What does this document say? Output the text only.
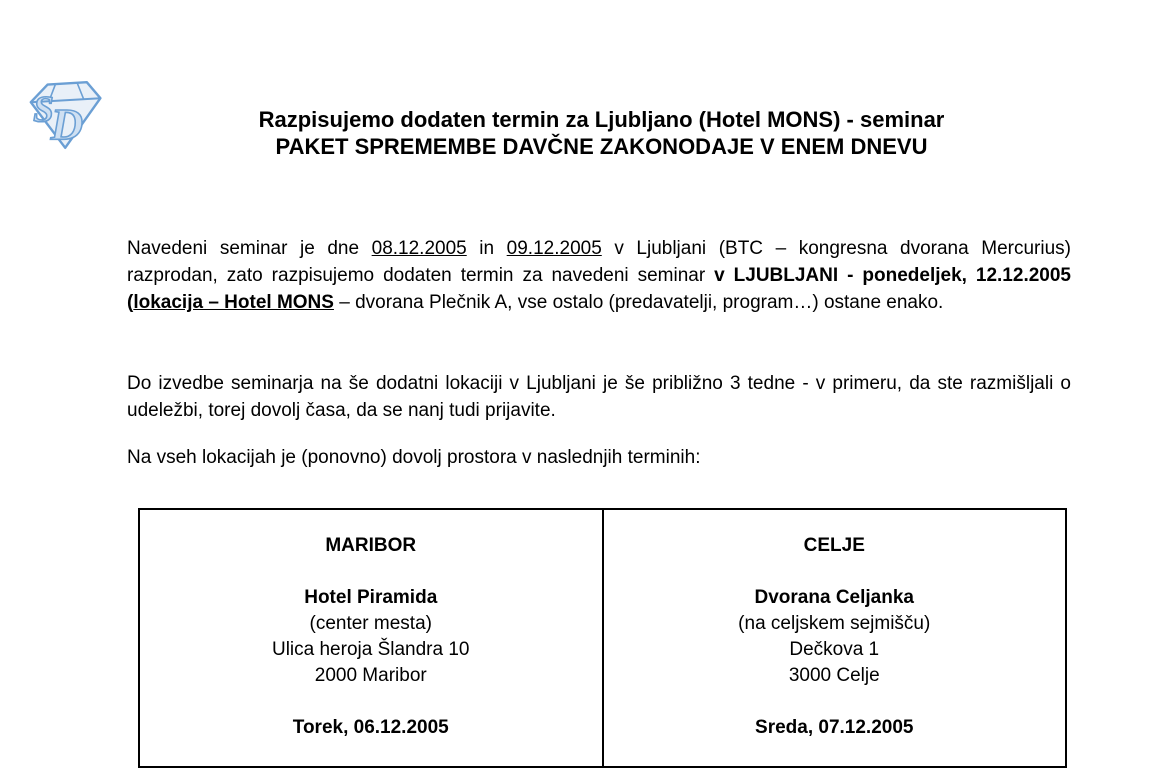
S
D	Razpisujemo dodaten termin za Ljubljano (Hotel MONS) - seminar
PAKET SPREMEMBE DAVČNE ZAKONODAJE V ENEM DNEVU

Navedeni seminar je dne 08.12.2005 in 09.12.2005 v Ljubljani (BTC – kongresna dvorana Mercurius) razprodan, zato razpisujemo dodaten termin za navedeni seminar v LJUBLJANI - ponedeljek, 12.12.2005 (lokacija – Hotel MONS – dvorana Plečnik A, vse ostalo (predavatelji, program…) ostane enako.

Do izvedbe seminarja na še dodatni lokaciji v Ljubljani je še približno 3 tedne - v primeru, da ste razmišljali o udeležbi, torej dovolj časa, da se nanj tudi prijavite.

Na vseh lokacijah je (ponovno) dovolj prostora v naslednjih terminih:

MARIBOR
Hotel Piramida
(center mesta)
Ulica heroja Šlandra 10
2000 Maribor
Torek, 06.12.2005
CELJE
Dvorana Celjanka
(na celjskem sejmišču)
Dečkova 1
3000 Celje
Sreda, 07.12.2005
